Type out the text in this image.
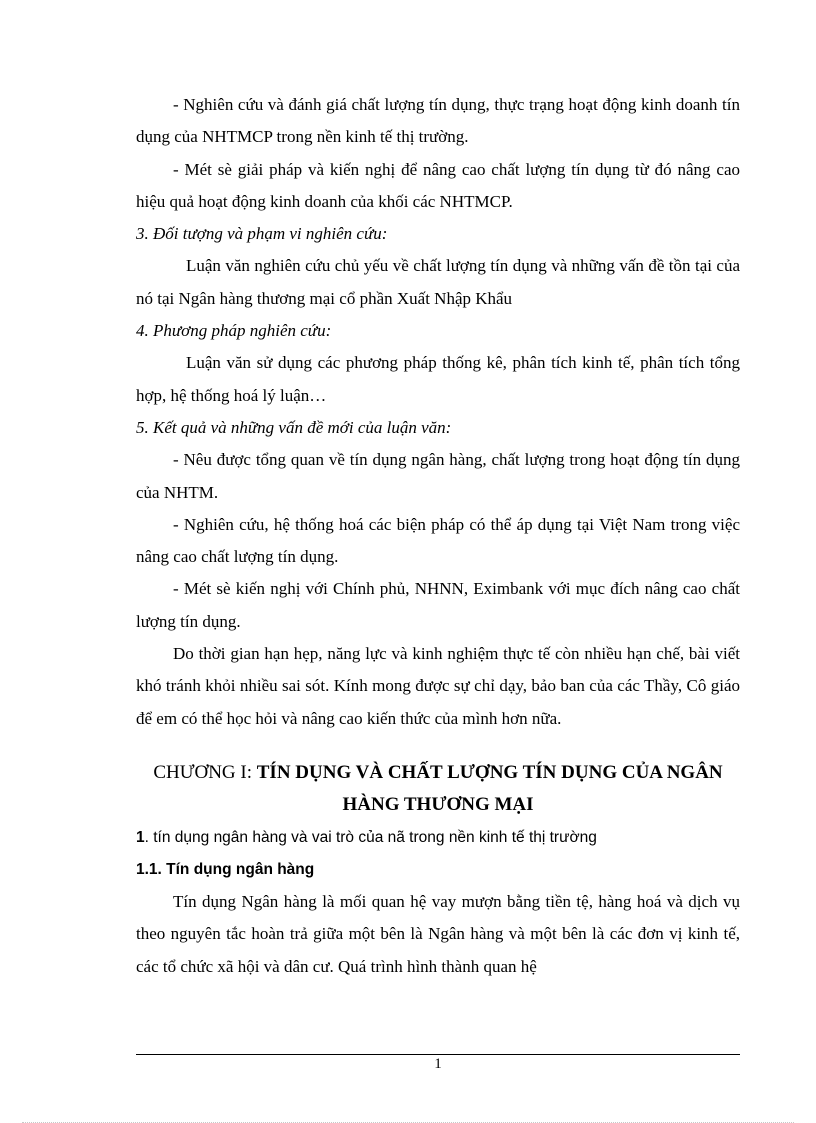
- Nghiên cứu và đánh giá chất lượng tín dụng, thực trạng hoạt động kinh doanh tín dụng của NHTMCP trong nền kinh tế thị trường.

- Mét sè giải pháp và kiến nghị để nâng cao chất lượng tín dụng từ đó nâng cao hiệu quả hoạt động kinh doanh của khối các NHTMCP.

3. Đối tượng và phạm vi nghiên cứu:

Luận văn nghiên cứu chủ yếu về chất lượng tín dụng và những vấn đề tồn tại của nó tại Ngân hàng thương mại cổ phần Xuất Nhập Khẩu

4. Phương pháp nghiên cứu:

Luận văn sử dụng các phương pháp thống kê, phân tích kinh tế, phân tích tổng hợp, hệ thống hoá lý luận…

5. Kết quả và những vấn đề mới của luận văn:

- Nêu được tổng quan về tín dụng ngân hàng, chất lượng trong hoạt động tín dụng của NHTM.

- Nghiên cứu, hệ thống hoá các biện pháp có thể áp dụng tại Việt Nam trong việc nâng cao chất lượng tín dụng.

- Mét sè kiến nghị với Chính phủ, NHNN, Eximbank với mục đích nâng cao chất lượng tín dụng.

Do thời gian hạn hẹp, năng lực và kinh nghiệm thực tế còn nhiều hạn chế, bài viết khó tránh khỏi nhiều sai sót. Kính mong được sự chỉ dạy, bảo ban của các Thầy, Cô giáo để em có thể học hỏi và nâng cao kiến thức của mình hơn nữa.

CHƯƠNG I: TÍN DỤNG VÀ CHẤT LƯỢNG TÍN DỤNG CỦA NGÂN HÀNG THƯƠNG MẠI

1. tín dụng ngân hàng và vai trò của nã trong nền kinh tế thị trường

1.1. Tín dụng ngân hàng

Tín dụng Ngân hàng là mối quan hệ vay mượn bằng tiền tệ, hàng hoá và dịch vụ theo nguyên tắc hoàn trả giữa một bên là Ngân hàng và một bên là các đơn vị kinh tế, các tổ chức xã hội và dân cư. Quá trình hình thành quan hệ

1
